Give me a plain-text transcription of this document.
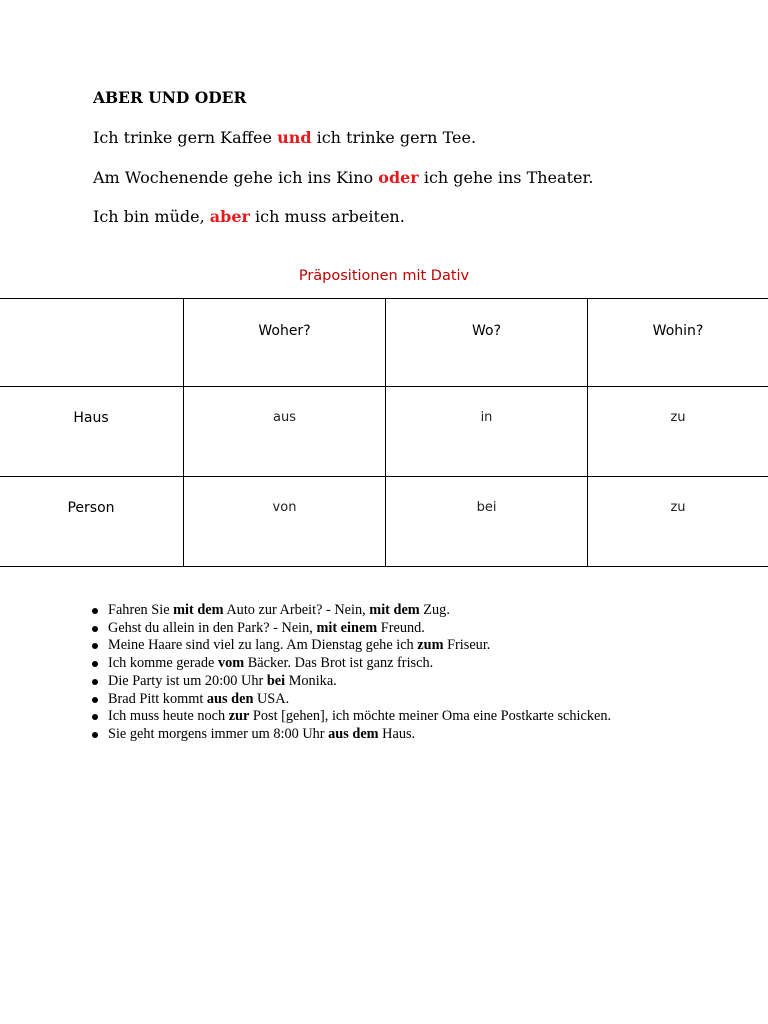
ABER UND ODER
Ich trinke gern Kaffee und ich trinke gern Tee.
Am Wochenende gehe ich ins Kino oder ich gehe ins Theater.
Ich bin müde, aber ich muss arbeiten.
Präpositionen mit Dativ
	Woher?	Wo?	Wohin?
Haus	aus	in	zu
Person	von	bei	zu
Fahren Sie mit dem Auto zur Arbeit? - Nein, mit dem Zug.
Gehst du allein in den Park? - Nein, mit einem Freund.
Meine Haare sind viel zu lang. Am Dienstag gehe ich zum Friseur.
Ich komme gerade vom Bäcker. Das Brot ist ganz frisch.
Die Party ist um 20:00 Uhr bei Monika.
Brad Pitt kommt aus den USA.
Ich muss heute noch zur Post [gehen], ich möchte meiner Oma eine Postkarte schicken.
Sie geht morgens immer um 8:00 Uhr aus dem Haus.
